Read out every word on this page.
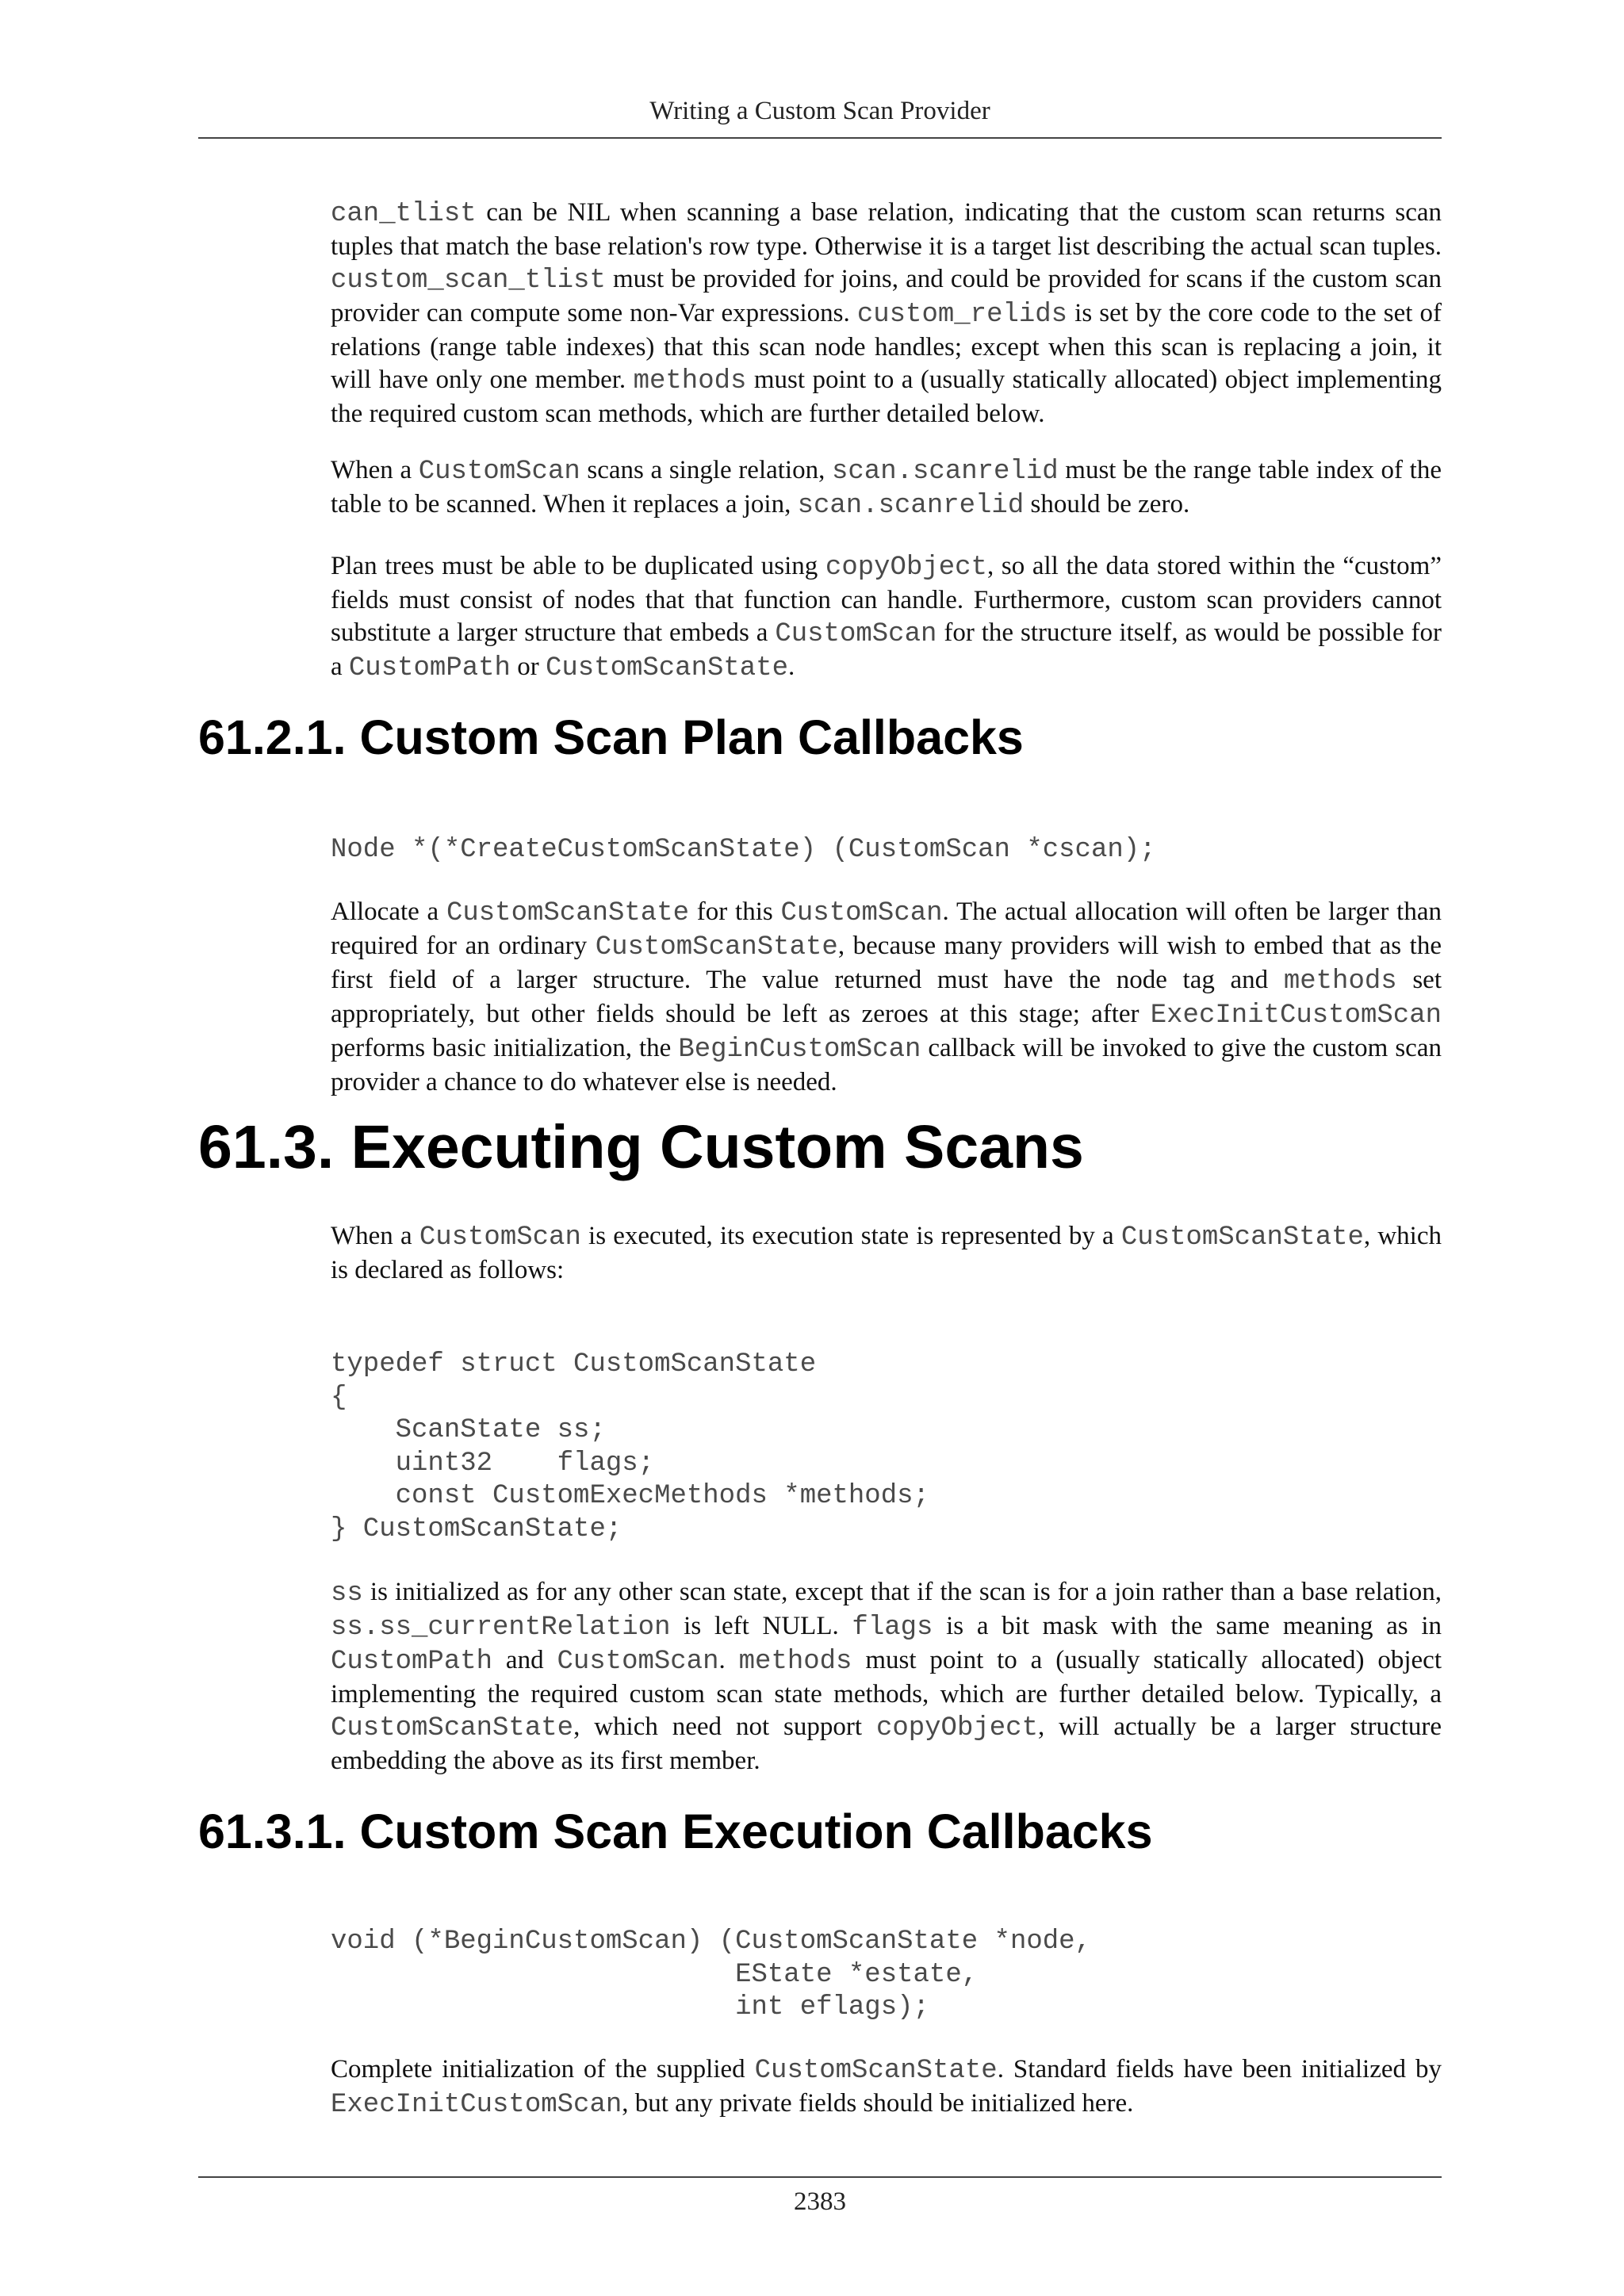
Writing a Custom Scan Provider

can_tlist can be NIL when scanning a base relation, indicating that the custom scan returns scan tuples that match the base relation's row type. Otherwise it is a target list describing the actual scan tuples. custom_scan_tlist must be provided for joins, and could be provided for scans if the custom scan provider can compute some non-Var expressions. custom_relids is set by the core code to the set of relations (range table indexes) that this scan node handles; except when this scan is replacing a join, it will have only one member. methods must point to a (usually statically allocated) object implementing the required custom scan methods, which are further detailed below.

When a CustomScan scans a single relation, scan.scanrelid must be the range table index of the table to be scanned. When it replaces a join, scan.scanrelid should be zero.

Plan trees must be able to be duplicated using copyObject, so all the data stored within the “custom” fields must consist of nodes that that function can handle. Furthermore, custom scan providers cannot substitute a larger structure that embeds a CustomScan for the structure itself, as would be possible for a CustomPath or CustomScanState.

61.2.1. Custom Scan Plan Callbacks
Node *(*CreateCustomScanState) (CustomScan *cscan);

Allocate a CustomScanState for this CustomScan. The actual allocation will often be larger than required for an ordinary CustomScanState, because many providers will wish to embed that as the first field of a larger structure. The value returned must have the node tag and methods set appropriately, but other fields should be left as zeroes at this stage; after ExecInitCustomScan performs basic initialization, the BeginCustomScan callback will be invoked to give the custom scan provider a chance to do whatever else is needed.

61.3. Executing Custom Scans

When a CustomScan is executed, its execution state is represented by a CustomScanState, which is declared as follows:

typedef struct CustomScanState
{
ScanState ss;
uint32    flags;
const CustomExecMethods *methods;
} CustomScanState;

ss is initialized as for any other scan state, except that if the scan is for a join rather than a base relation, ss.ss_currentRelation is left NULL. flags is a bit mask with the same meaning as in CustomPath and CustomScan. methods must point to a (usually statically allocated) object implementing the required custom scan state methods, which are further detailed below. Typically, a CustomScanState, which need not support copyObject, will actually be a larger structure embedding the above as its first member.

61.3.1. Custom Scan Execution Callbacks
void (*BeginCustomScan) (CustomScanState *node,
EState *estate,
int eflags);

Complete initialization of the supplied CustomScanState. Standard fields have been initialized by ExecInitCustomScan, but any private fields should be initialized here.

2383
